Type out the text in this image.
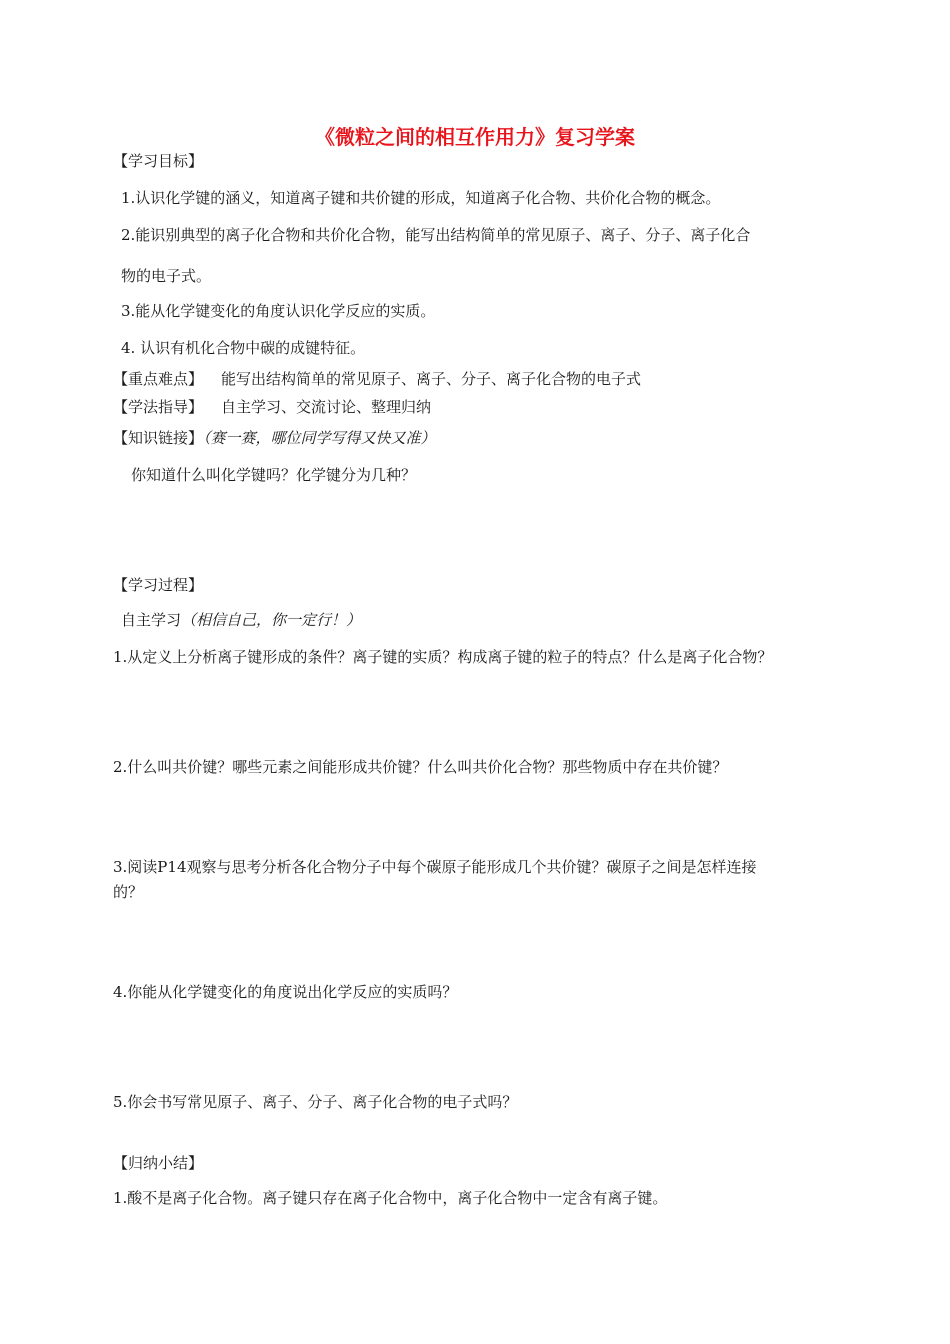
《微粒之间的相互作用力》复习学案
【学习目标】
1.认识化学键的涵义，知道离子键和共价键的形成，知道离子化合物、共价化合物的概念。
2.能识别典型的离子化合物和共价化合物，能写出结构简单的常见原子、离子、分子、离子化合
物的电子式。
3.能从化学键变化的角度认识化学反应的实质。
4. 认识有机化合物中碳的成键特征。
【重点难点】 能写出结构简单的常见原子、离子、分子、离子化合物的电子式
【学法指导】 自主学习、交流讨论、整理归纳
【知识链接】（赛一赛，哪位同学写得又快又准）
你知道什么叫化学键吗？化学键分为几种？
【学习过程】
自主学习（相信自己，你一定行！）
1.从定义上分析离子键形成的条件？离子键的实质？构成离子键的粒子的特点？什么是离子化合物？
2.什么叫共价键？哪些元素之间能形成共价键？什么叫共价化合物？那些物质中存在共价键？
3.阅读P14观察与思考分析各化合物分子中每个碳原子能形成几个共价键？碳原子之间是怎样连接
的？
4.你能从化学键变化的角度说出化学反应的实质吗？
5.你会书写常见原子、离子、分子、离子化合物的电子式吗？
【归纳小结】
1.酸不是离子化合物。离子键只存在离子化合物中，离子化合物中一定含有离子键。
